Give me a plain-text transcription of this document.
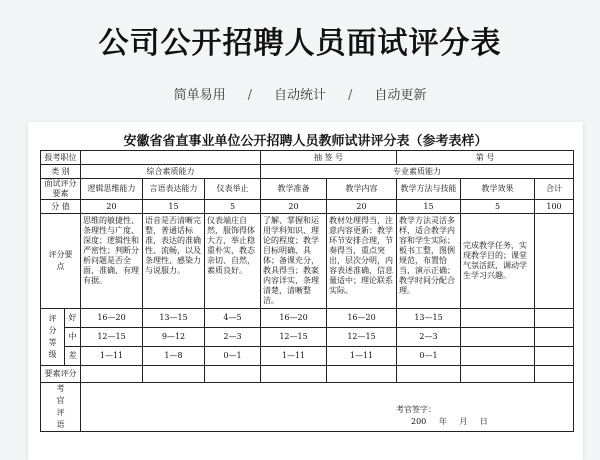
公司公开招聘人员面试评分表
简单易用 / 自动统计 / 自动更新
安徽省省直事业单位公开招聘人员教师试讲评分表（参考表样）
报考职位					抽 签 号		第 号		
类 别		综合素质能力			专业素质能力				
面试评分要素		逻辑思维能力	言语表达能力	仪表举止	教学准备	教学内容	教学方法与技能	教学效果	合计
分 值		20	15	5	20	20	15	5	100
评分要点		思维的敏捷性、条理性与广度、深度；逻辑性和严密性；判断分析问题是否全面、准确、有理有据。	语音是否清晰完整，普通话标准，表达的准确性、流畅，以及条理性、感染力与说服力。	仪表端庄自然，服饰得体大方，举止稳重朴实，教态亲切、自然，素质良好。	了解、掌握和运用学科知识、理论的程度；教学目标明确、具体；备课充分，教具得当；教案内容详实，条理清楚，清晰整洁。	教材处理得当，注意内容更新；教学环节安排合理，节奏得当，重点突出，层次分明，内容表述准确，信息量适中；理论联系实际。	教学方法灵活多样，适合教学内容和学生实际；板书工整，图例规范，布置恰当，演示正确；教学时间分配合理。	完成教学任务，实现教学目的；课堂气氛活跃，调动学生学习兴趣。	
评分等级	好	16—20	13—15	4—5	16—20	16—20	13—15		
	中	12—15	9—12	2—3	12—15	12—15	2—3		
	差	1—11	1—8	0—1	1—11	1—11	0—1		
要素评分									
考官评语		考官签字：
200 年 月 日							
